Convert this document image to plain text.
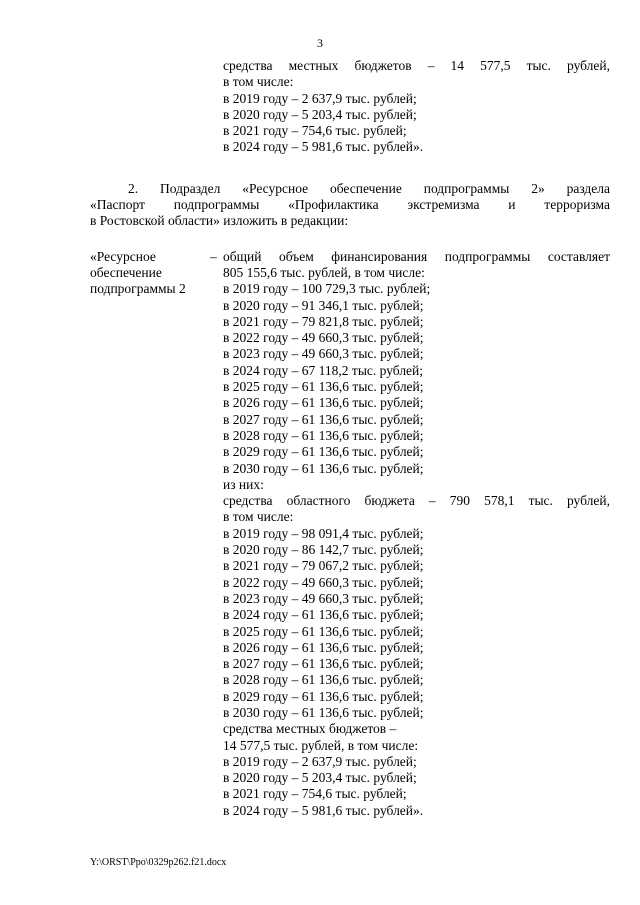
3
средства местных бюджетов – 14 577,5 тыс. рублей,
в том числе:
в 2019 году – 2 637,9 тыс. рублей;
в 2020 году – 5 203,4 тыс. рублей;
в 2021 году – 754,6 тыс. рублей;
в 2024 году – 5 981,6 тыс. рублей».
2. Подраздел «Ресурсное обеспечение подпрограммы 2» раздела
«Паспорт подпрограммы «Профилактика экстремизма и терроризма
в Ростовской области» изложить в редакции:
«Ресурсное
обеспечение
подпрограммы 2
– общий объем финансирования подпрограммы составляет
805 155,6 тыс. рублей, в том числе:
в 2019 году – 100 729,3 тыс. рублей;
в 2020 году – 91 346,1 тыс. рублей;
в 2021 году – 79 821,8 тыс. рублей;
в 2022 году – 49 660,3 тыс. рублей;
в 2023 году – 49 660,3 тыс. рублей;
в 2024 году – 67 118,2 тыс. рублей;
в 2025 году – 61 136,6 тыс. рублей;
в 2026 году – 61 136,6 тыс. рублей;
в 2027 году – 61 136,6 тыс. рублей;
в 2028 году – 61 136,6 тыс. рублей;
в 2029 году – 61 136,6 тыс. рублей;
в 2030 году – 61 136,6 тыс. рублей;
из них:
средства областного бюджета – 790 578,1 тыс. рублей,
в том числе:
в 2019 году – 98 091,4 тыс. рублей;
в 2020 году – 86 142,7 тыс. рублей;
в 2021 году – 79 067,2 тыс. рублей;
в 2022 году – 49 660,3 тыс. рублей;
в 2023 году – 49 660,3 тыс. рублей;
в 2024 году – 61 136,6 тыс. рублей;
в 2025 году – 61 136,6 тыс. рублей;
в 2026 году – 61 136,6 тыс. рублей;
в 2027 году – 61 136,6 тыс. рублей;
в 2028 году – 61 136,6 тыс. рублей;
в 2029 году – 61 136,6 тыс. рублей;
в 2030 году – 61 136,6 тыс. рублей;
средства местных бюджетов –
14 577,5 тыс. рублей, в том числе:
в 2019 году – 2 637,9 тыс. рублей;
в 2020 году – 5 203,4 тыс. рублей;
в 2021 году – 754,6 тыс. рублей;
в 2024 году – 5 981,6 тыс. рублей».
Y:\ORST\Ppo\0329p262.f21.docx
